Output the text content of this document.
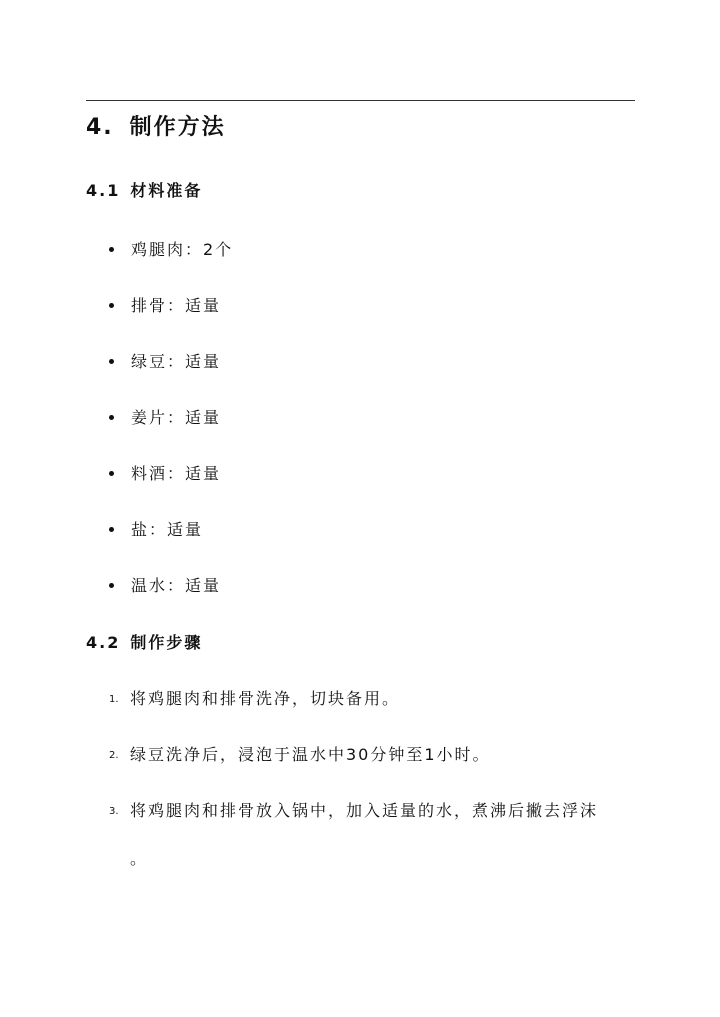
4. 制作方法
4.1 材料准备
鸡腿肉：2个
排骨：适量
绿豆：适量
姜片：适量
料酒：适量
盐：适量
温水：适量
4.2 制作步骤
1. 将鸡腿肉和排骨洗净，切块备用。
2. 绿豆洗净后，浸泡于温水中30分钟至1小时。
3. 将鸡腿肉和排骨放入锅中，加入适量的水，煮沸后撇去浮沫
。
